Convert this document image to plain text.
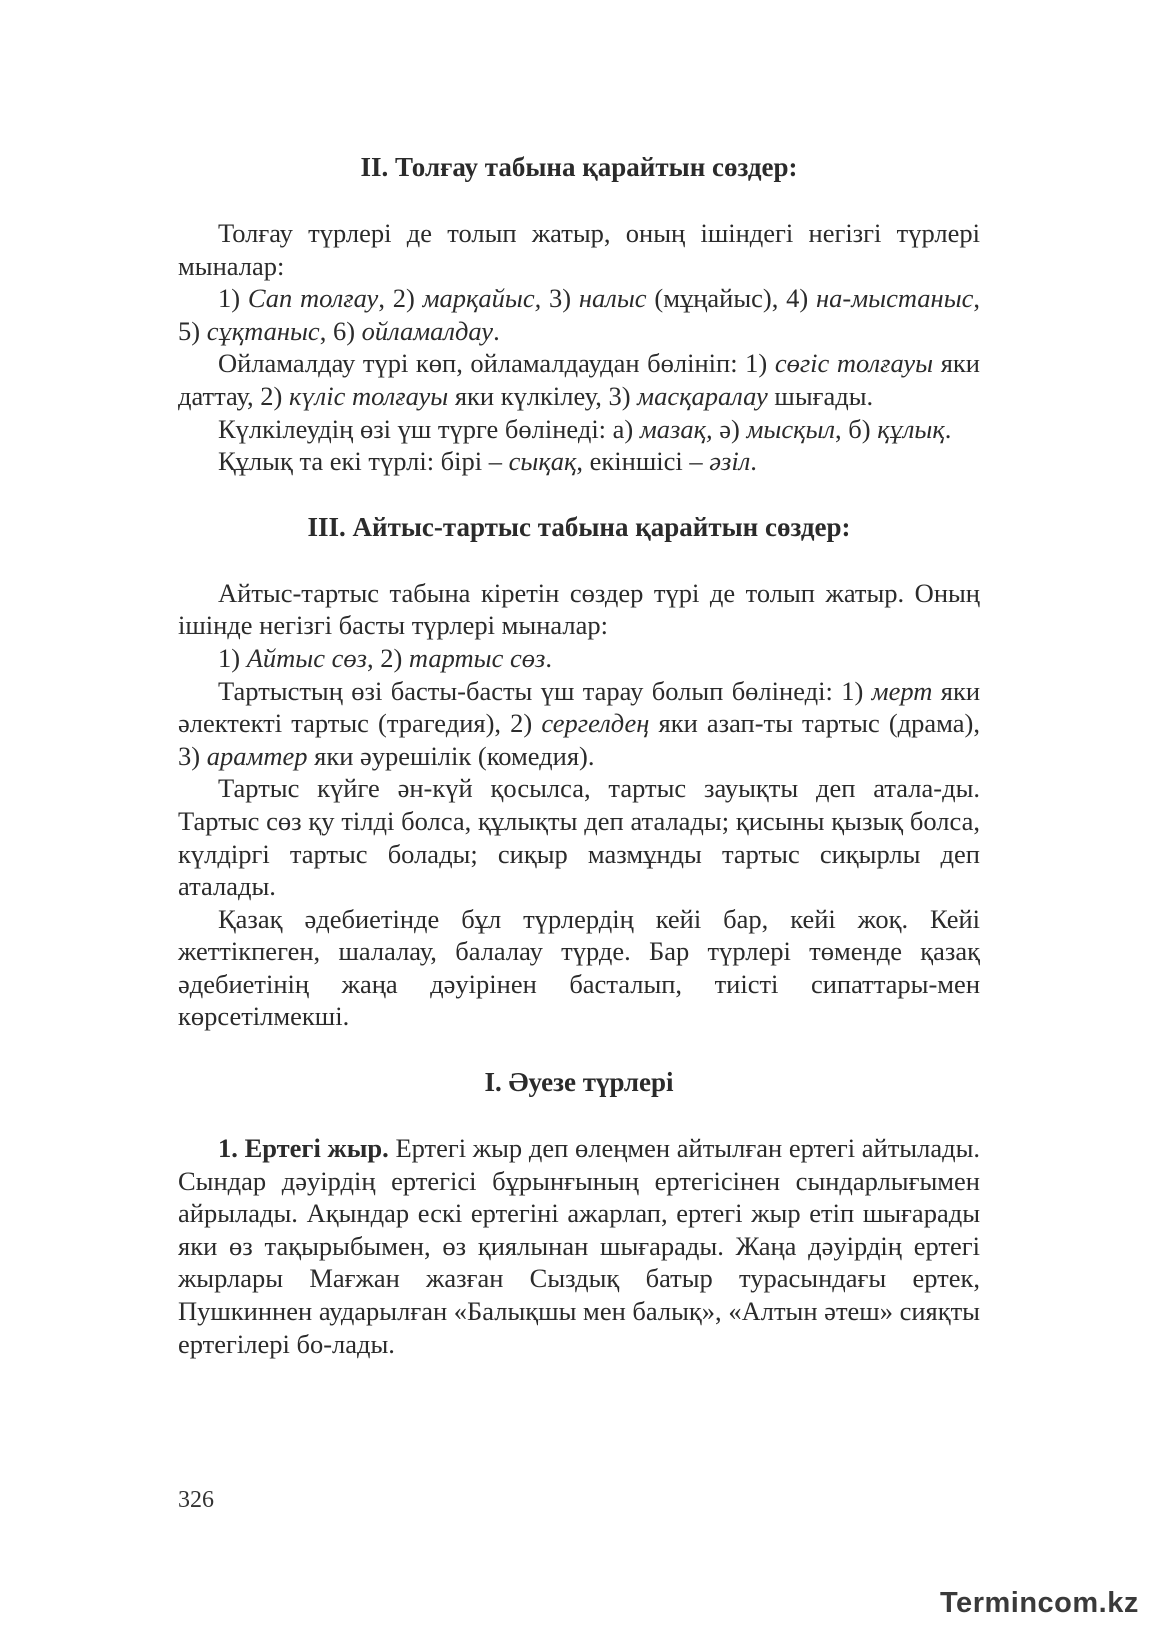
ІІ. Толғау табына қарайтын сөздер:

Толғау түрлері де толып жатыр, оның ішіндегі негізгі түрлері мыналар:

1) Сап толғау, 2) марқайыс, 3) налыс (мұңайыс), 4) на-мыстаныс, 5) сұқтаныс, 6) ойламалдау.

Ойламалдау түрі көп, ойламалдаудан бөлініп: 1) сөгіс толғауы яки даттау, 2) күліс толғауы яки күлкілеу, 3) масқаралау шығады.

Күлкілеудің өзі үш түрге бөлінеді: а) мазақ, ә) мысқыл, б) құлық.

Құлық та екі түрлі: бірі – сықақ, екіншісі – әзіл.

ІІІ. Айтыс-тартыс табына қарайтын сөздер:

Айтыс-тартыс табына кіретін сөздер түрі де толып жатыр. Оның ішінде негізгі басты түрлері мыналар:

1) Айтыс сөз, 2) тартыс сөз.

Тартыстың өзі басты-басты үш тарау болып бөлінеді: 1) мерт яки әлектекті тартыс (трагедия), 2) сергелдең яки азап-ты тартыс (драма), 3) арамтер яки әурешілік (комедия).

Тартыс күйге ән-күй қосылса, тартыс зауықты деп атала-ды. Тартыс сөз қу тілді болса, құлықты деп аталады; қисыны қызық болса, күлдіргі тартыс болады; сиқыр мазмұнды тартыс сиқырлы деп аталады.

Қазақ әдебиетінде бұл түрлердің кейі бар, кейі жоқ. Кейі жеттікпеген, шалалау, балалау түрде. Бар түрлері төменде қазақ әдебиетінің жаңа дәуірінен басталып, тиісті сипаттары-мен көрсетілмекші.

І. Әуезе түрлері

1. Ертегі жыр. Ертегі жыр деп өлеңмен айтылған ертегі айтылады. Сындар дәуірдің ертегісі бұрынғының ертегісінен сындарлығымен айрылады. Ақындар ескі ертегіні ажарлап, ертегі жыр етіп шығарады яки өз тақырыбымен, өз қиялынан шығарады. Жаңа дәуірдің ертегі жырлары Мағжан жазған Сыздық батыр турасындағы ертек, Пушкиннен аударылған «Балықшы мен балық», «Алтын әтеш» сияқты ертегілері бо-лады.

326
Termincom.kz
